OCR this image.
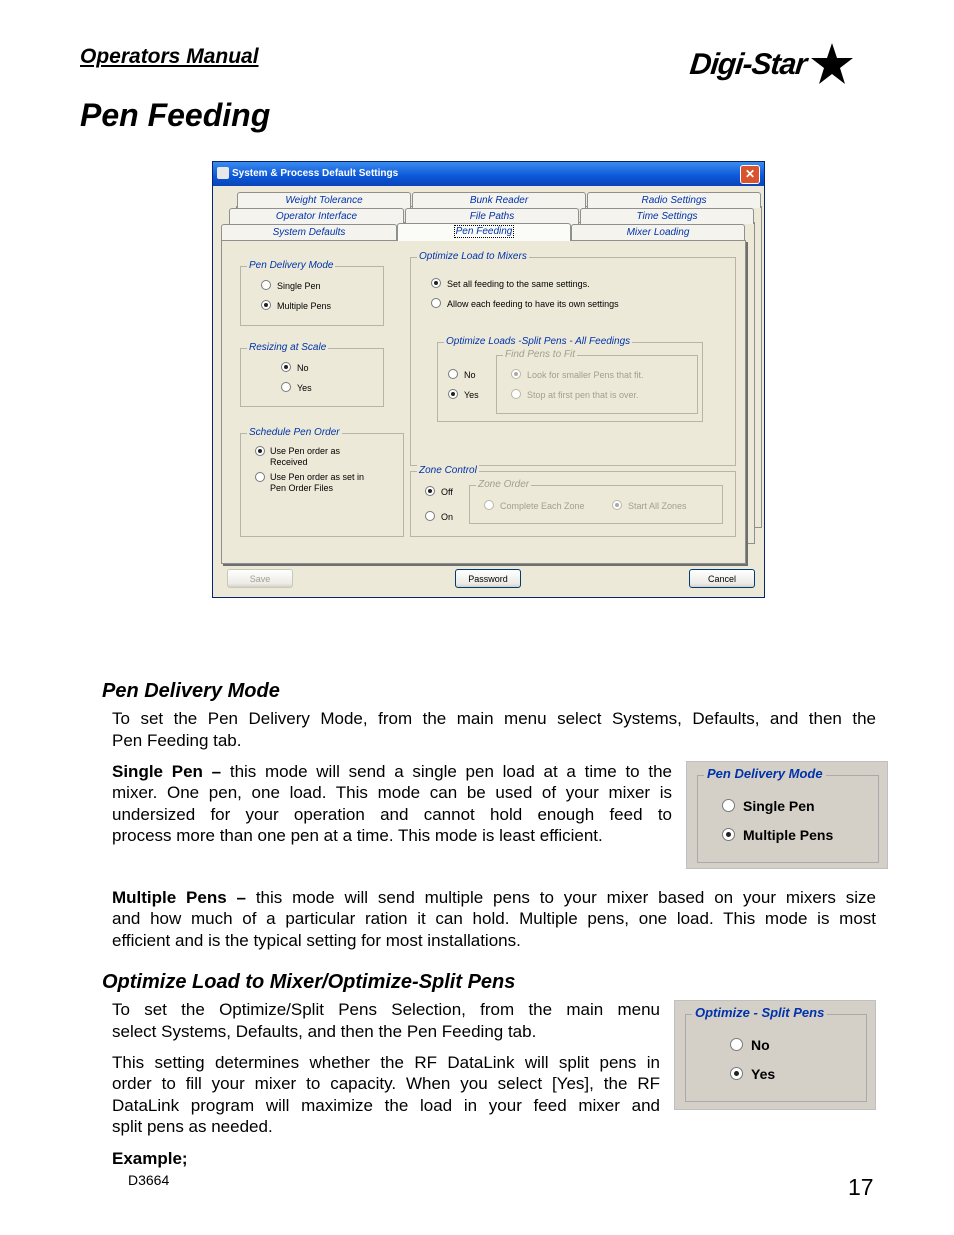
Operators Manual	Digi-Star
Pen Feeding
System & Process Default Settings	✕
Weight Tolerance	Bunk Reader	Radio Settings
Operator Interface	File Paths	Time Settings
System Defaults	Pen Feeding	Mixer Loading
Pen Delivery Mode
Single Pen
Multiple Pens
Resizing at Scale
No
Yes
Schedule Pen Order
Use Pen order as
Received
Use Pen order as set in
Pen Order Files
Optimize Load to Mixers
Set all feeding to the same settings.
Allow each feeding to have its own settings
Optimize Loads -Split Pens - All Feedings
No
Yes
Find Pens to Fit
Look for smaller Pens that fit.
Stop at first pen that is over.
Zone Control
Off
On
Zone Order
Complete Each Zone	Start All Zones
Save	Password	Cancel
Pen Delivery Mode
To set the Pen Delivery Mode, from the main menu select Systems, Defaults, and then the
Pen Feeding tab.
Single Pen – this mode will send a single pen load at a time to the
mixer. One pen, one load. This mode can be used of your mixer is
undersized for your operation and cannot hold enough feed to
process more than one pen at a time. This mode is least efficient.
Pen Delivery Mode
Single Pen
Multiple Pens
Multiple Pens – this mode will send multiple pens to your mixer based on your mixers size
and how much of a particular ration it can hold. Multiple pens, one load. This mode is most
efficient and is the typical setting for most installations.
Optimize Load to Mixer/Optimize-Split Pens
To set the Optimize/Split Pens Selection, from the main menu
select Systems, Defaults, and then the Pen Feeding tab.
This setting determines whether the RF DataLink will split pens in
order to fill your mixer to capacity. When you select [Yes], the RF
DataLink program will maximize the load in your feed mixer and
split pens as needed.
Example;
Optimize - Split Pens
No
Yes
D3664	17
